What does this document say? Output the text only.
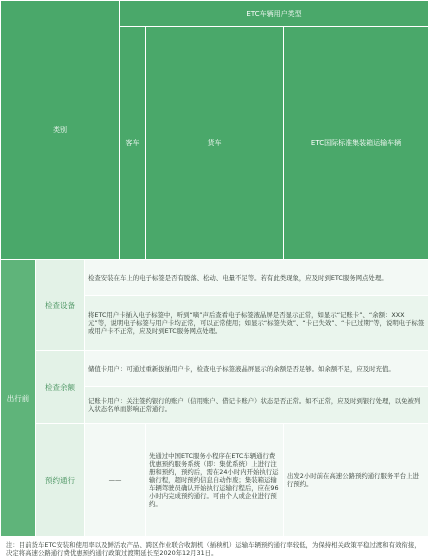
类别			ETC车辆用户类型			
			客车	货车	ETC国际标准集装箱运输车辆	ETC鲜活农产品运输车辆用户和运输跨区联合作业收割机（插秧机）车辆
出行前	检查设备	检查安装在车上的电子标签是否有脱落、松动、电量不足等。若有此类现象，应及时到ETC服务网点处理。				
		将ETC用户卡插入电子标签中，听到“嘀”声后查看电子标签液晶屏是否显示正常，如显示“记账卡”、“余额：XXX元”等，说明电子标签与用户卡均正常，可以正常使用；如显示“标签失效”、“卡已失效”、“卡已过期”等，说明电子标签或用户卡不正常，应及时到ETC服务网点处理。				
	检查余额	储值卡用户：可通过重新拔插用户卡，检查电子标签液晶屏显示的余额是否足够。如余额不足，应及时充值。				
		记账卡用户：关注签约银行的账户（信用账户、借记卡账户）状态是否正常。如不正常，应及时到银行处理，以免被列入状态名单而影响正常通行。				
	预约通行	——		先通过中国ETC服务小程序在ETC车辆通行费优惠预约服务系统（即：集优系统）上进行注册和预约，预约后，需在24小时内开始执行运输行程，超时预约信息自动作废；集装箱运输车辆驾驶员确认开始执行运输行程后，应在96小时内完成预约通行。可由个人或企业进行预约。	出发2小时前在高速公路预约通行服务平台上进行预约。	
注：目前货车ETC安装和使用率以及鲜活农产品、跨区作业联合收割机（插秧机）运输车辆预约通行率较低，为保持相关政策平稳过渡和有效衔接，决定将高速公路通行费优惠预约通行政策过渡期延长至2020年12月31日。
